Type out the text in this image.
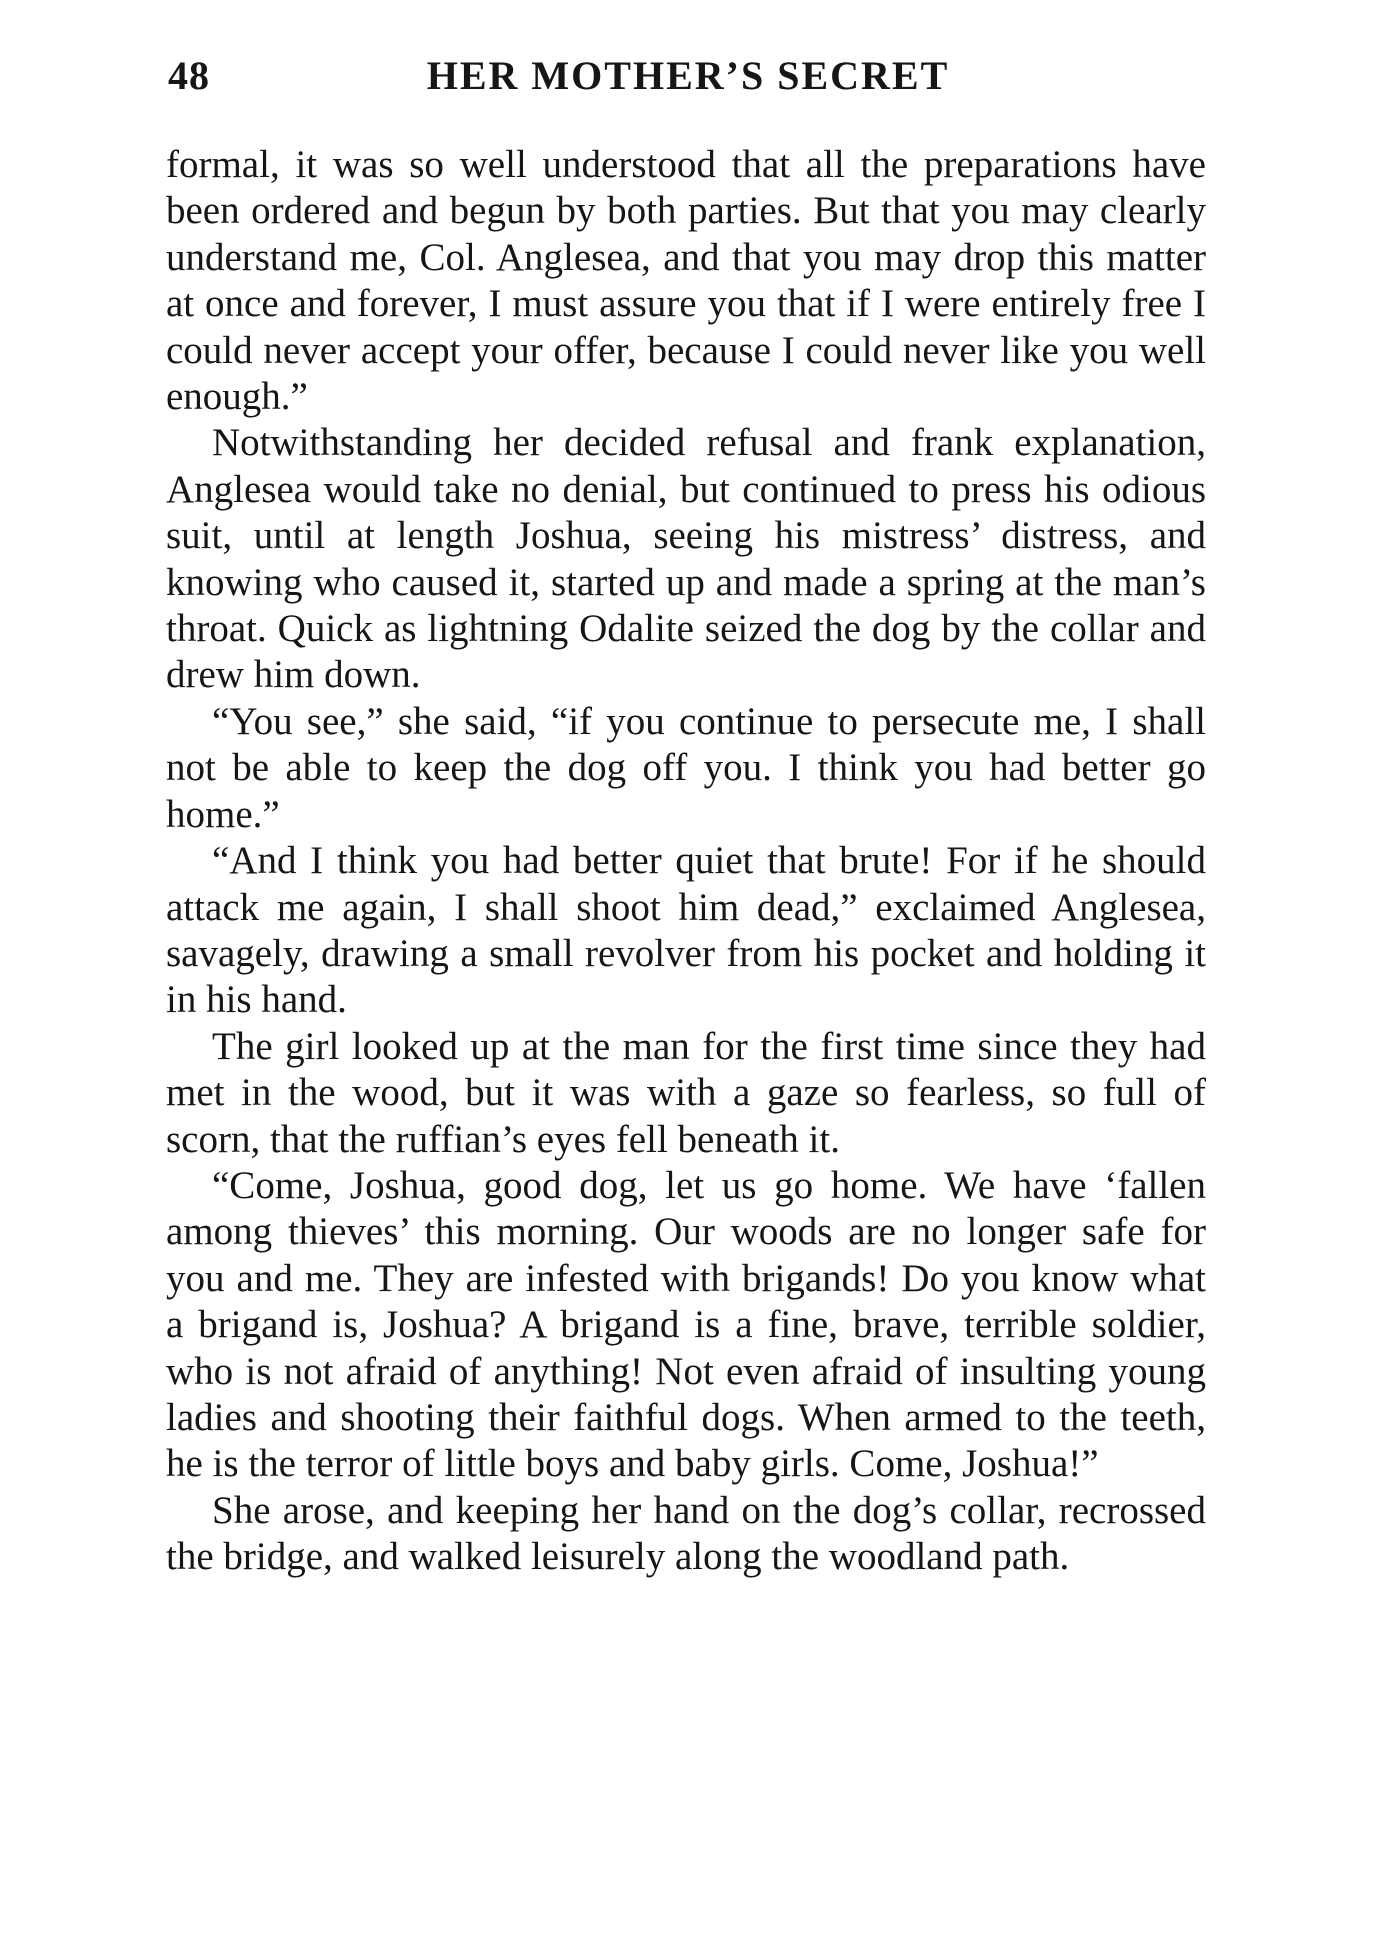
48	HER MOTHER’S SECRET

formal, it was so well understood that all the preparations have been ordered and begun by both parties. But that you may clearly understand me, Col. Anglesea, and that you may drop this matter at once and forever, I must assure you that if I were entirely free I could never accept your offer, because I could never like you well enough.”

Notwithstanding her decided refusal and frank explanation, Anglesea would take no denial, but continued to press his odious suit, until at length Joshua, seeing his mistress’ distress, and knowing who caused it, started up and made a spring at the man’s throat. Quick as lightning Odalite seized the dog by the collar and drew him down.

“You see,” she said, “if you continue to persecute me, I shall not be able to keep the dog off you. I think you had better go home.”

“And I think you had better quiet that brute! For if he should attack me again, I shall shoot him dead,” exclaimed Anglesea, savagely, drawing a small revolver from his pocket and holding it in his hand.

The girl looked up at the man for the first time since they had met in the wood, but it was with a gaze so fearless, so full of scorn, that the ruffian’s eyes fell beneath it.

“Come, Joshua, good dog, let us go home. We have ‘fallen among thieves’ this morning. Our woods are no longer safe for you and me. They are infested with brigands! Do you know what a brigand is, Joshua? A brigand is a fine, brave, terrible soldier, who is not afraid of anything! Not even afraid of insulting young ladies and shooting their faithful dogs. When armed to the teeth, he is the terror of little boys and baby girls. Come, Joshua!”

She arose, and keeping her hand on the dog’s collar, recrossed the bridge, and walked leisurely along the woodland path.
